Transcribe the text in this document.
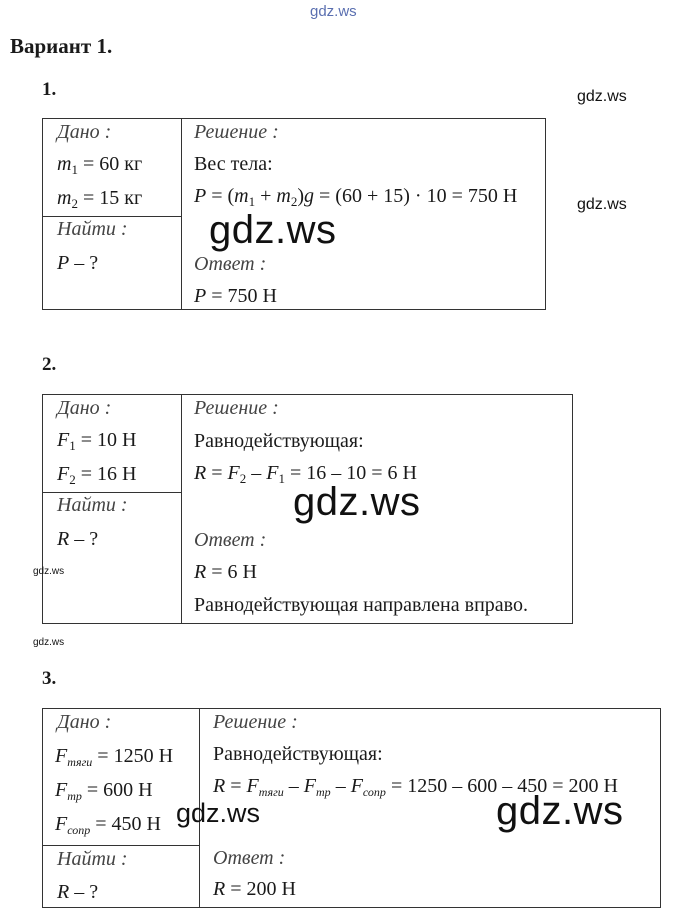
gdz.ws
gdz.ws
gdz.ws
Вариант 1.
1.
Дано :
$m_1 = 60$ кг
$m_2 = 15$ кг
Найти :
P – ?
Решение :
Вес тела:
$P = (m_1 + m_2)g = (60 + 15) \cdot 10 = 750$ Н
Ответ :
P = 750 Н
gdz.ws
2.
Дано :
$F_1 = 10$ Н
$F_2 = 16$ Н
Найти :
R – ?
Решение :
Равнодействующая:
$R = F_2 - F_1 = 16 - 10 = 6$ Н
Ответ :
R = 6 Н
Равнодействующая направлена вправо.
gdz.ws
gdz.ws
gdz.ws
3.
Дано :
$F_{тяги} = 1250$ Н
$F_{тр} = 600$ Н
$F_{сопр} = 450$ Н
Найти :
R – ?
Решение :
Равнодействующая:
$R = F_{тяги} - F_{тр} - F_{сопр} = 1250 - 600 - 450 = 200$ Н
Ответ :
R = 200 Н
gdz.ws	gdz.ws
